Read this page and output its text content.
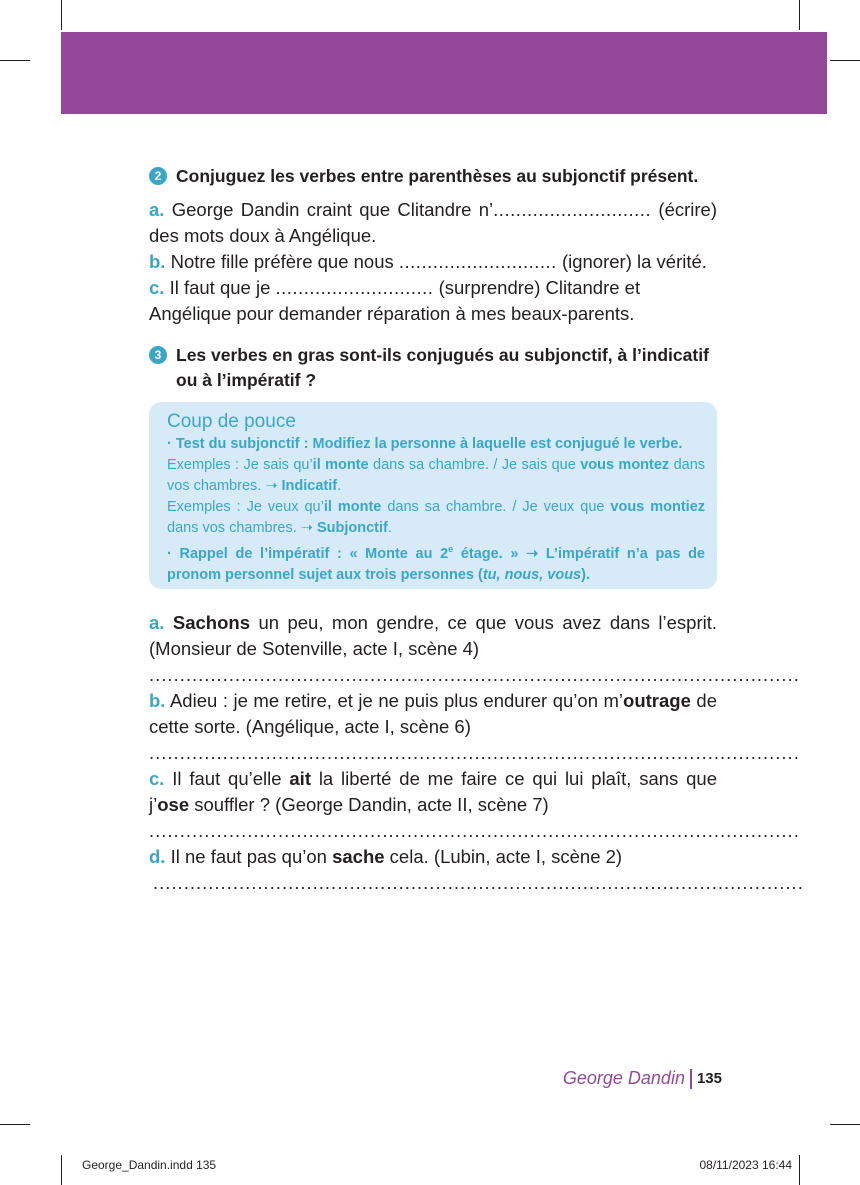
2 Conjuguez les verbes entre parenthèses au subjonctif présent.
a. George Dandin craint que Clitandre n’............................ (écrire) des mots doux à Angélique.
b. Notre fille préfère que nous ............................ (ignorer) la vérité.
c. Il faut que je ............................ (surprendre) Clitandre et Angélique pour demander réparation à mes beaux-parents.
3 Les verbes en gras sont-ils conjugués au subjonctif, à l’indicatif ou à l’impératif ?
Coup de pouce
· Test du subjonctif : Modifiez la personne à laquelle est conjugué le verbe.
Exemples : Je sais qu’il monte dans sa chambre. / Je sais que vous montez dans vos chambres. ➝ Indicatif.
Exemples : Je veux qu’il monte dans sa chambre. / Je veux que vous montiez dans vos chambres. ➝ Subjonctif.
· Rappel de l’impératif : « Monte au 2e étage. » ➝ L’impératif n’a pas de pronom personnel sujet aux trois personnes (tu, nous, vous).
a. Sachons un peu, mon gendre, ce que vous avez dans l’esprit. (Monsieur de Sotenville, acte I, scène 4)
..........................................................................................................
b. Adieu : je me retire, et je ne puis plus endurer qu’on m’outrage de cette sorte. (Angélique, acte I, scène 6)
..........................................................................................................
c. Il faut qu’elle ait la liberté de me faire ce qui lui plaît, sans que j’ose souffler ? (George Dandin, acte II, scène 7)
..........................................................................................................
d. Il ne faut pas qu’on sache cela. (Lubin, acte I, scène 2)
..........................................................................................................
George Dandin 135
George_Dandin.indd 135	08/11/2023 16:44
